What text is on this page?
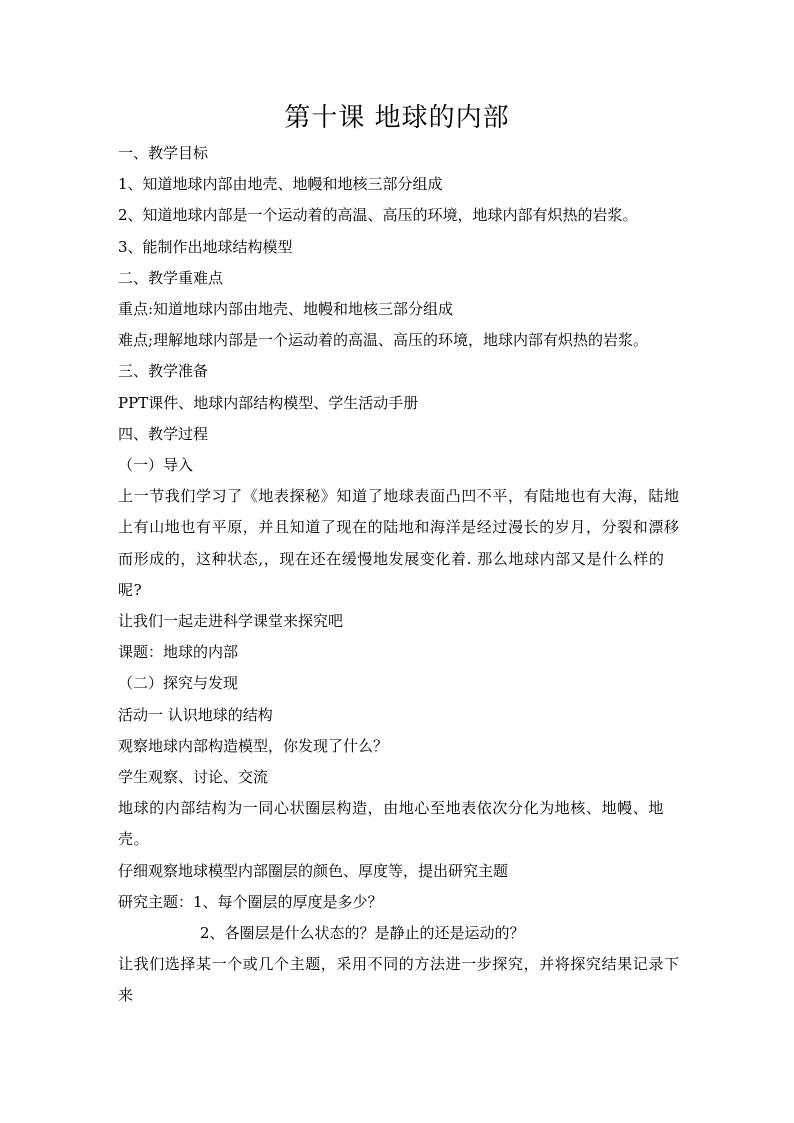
第十课 地球的内部
一、教学目标
1、知道地球内部由地壳、地幔和地核三部分组成
2、知道地球内部是一个运动着的高温、高压的环境，地球内部有炽热的岩浆。
3、能制作出地球结构模型
二、教学重难点
重点:知道地球内部由地壳、地幔和地核三部分组成
难点;理解地球内部是一个运动着的高温、高压的环境，地球内部有炽热的岩浆。
三、教学准备
PPT课件、地球内部结构模型、学生活动手册
四、教学过程
（一）导入
上一节我们学习了《地表探秘》知道了地球表面凸凹不平，有陆地也有大海，陆地上有山地也有平原，并且知道了现在的陆地和海洋是经过漫长的岁月，分裂和漂移而形成的，这种状态,，现在还在缓慢地发展变化着. 那么地球内部又是什么样的呢?
让我们一起走进科学课堂来探究吧
课题：地球的内部
（二）探究与发现
活动一 认识地球的结构
观察地球内部构造模型，你发现了什么？
学生观察、讨论、交流
地球的内部结构为一同心状圈层构造，由地心至地表依次分化为地核、地幔、地壳。
仔细观察地球模型内部圈层的颜色、厚度等，提出研究主题
研究主题：1、每个圈层的厚度是多少？
2、各圈层是什么状态的？是静止的还是运动的？
让我们选择某一个或几个主题，采用不同的方法进一步探究，并将探究结果记录下来
